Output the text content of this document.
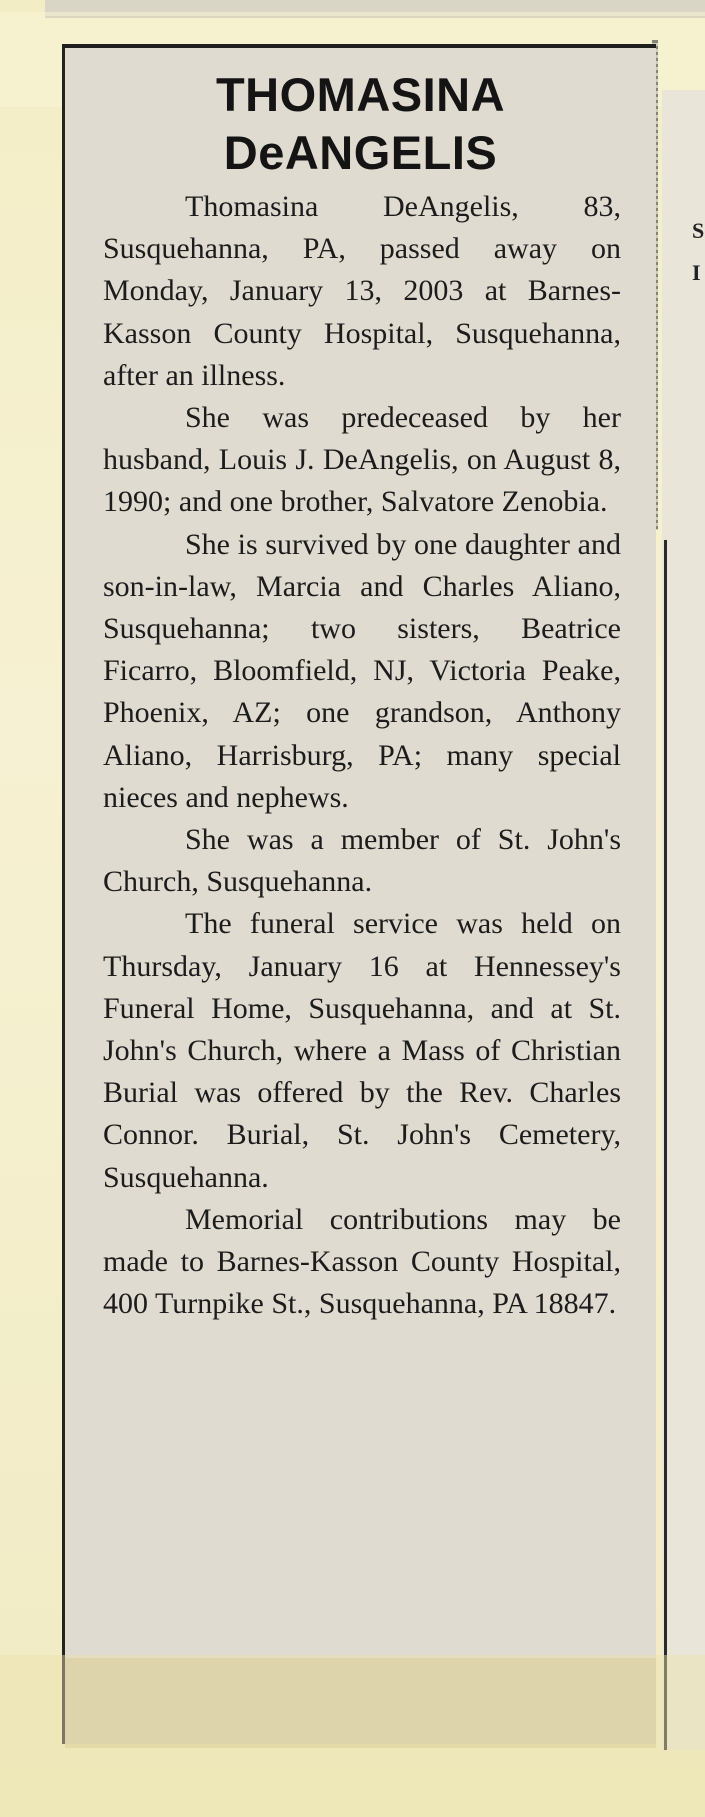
S
I
THOMASINA
DeANGELIS

Thomasina DeAngelis, 83, Susquehanna, PA, passed away on Monday, January 13, 2003 at Barnes-Kasson County Hospital, Susquehanna, after an illness.

She was predeceased by her husband, Louis J. DeAngelis, on August 8, 1990; and one brother, Salvatore Zenobia.

She is survived by one daughter and son-in-law, Marcia and Charles Aliano, Susquehanna; two sisters, Beatrice Ficarro, Bloomfield, NJ, Victoria Peake, Phoenix, AZ; one grandson, Anthony Aliano, Harrisburg, PA; many special nieces and nephews.

She was a member of St. John's Church, Susquehanna.

The funeral service was held on Thursday, January 16 at Hennessey's Funeral Home, Susquehanna, and at St. John's Church, where a Mass of Christian Burial was offered by the Rev. Charles Connor. Burial, St. John's Cemetery, Susquehanna.

Memorial contributions may be made to Barnes-Kasson County Hospital, 400 Turnpike St., Susquehanna, PA 18847.
